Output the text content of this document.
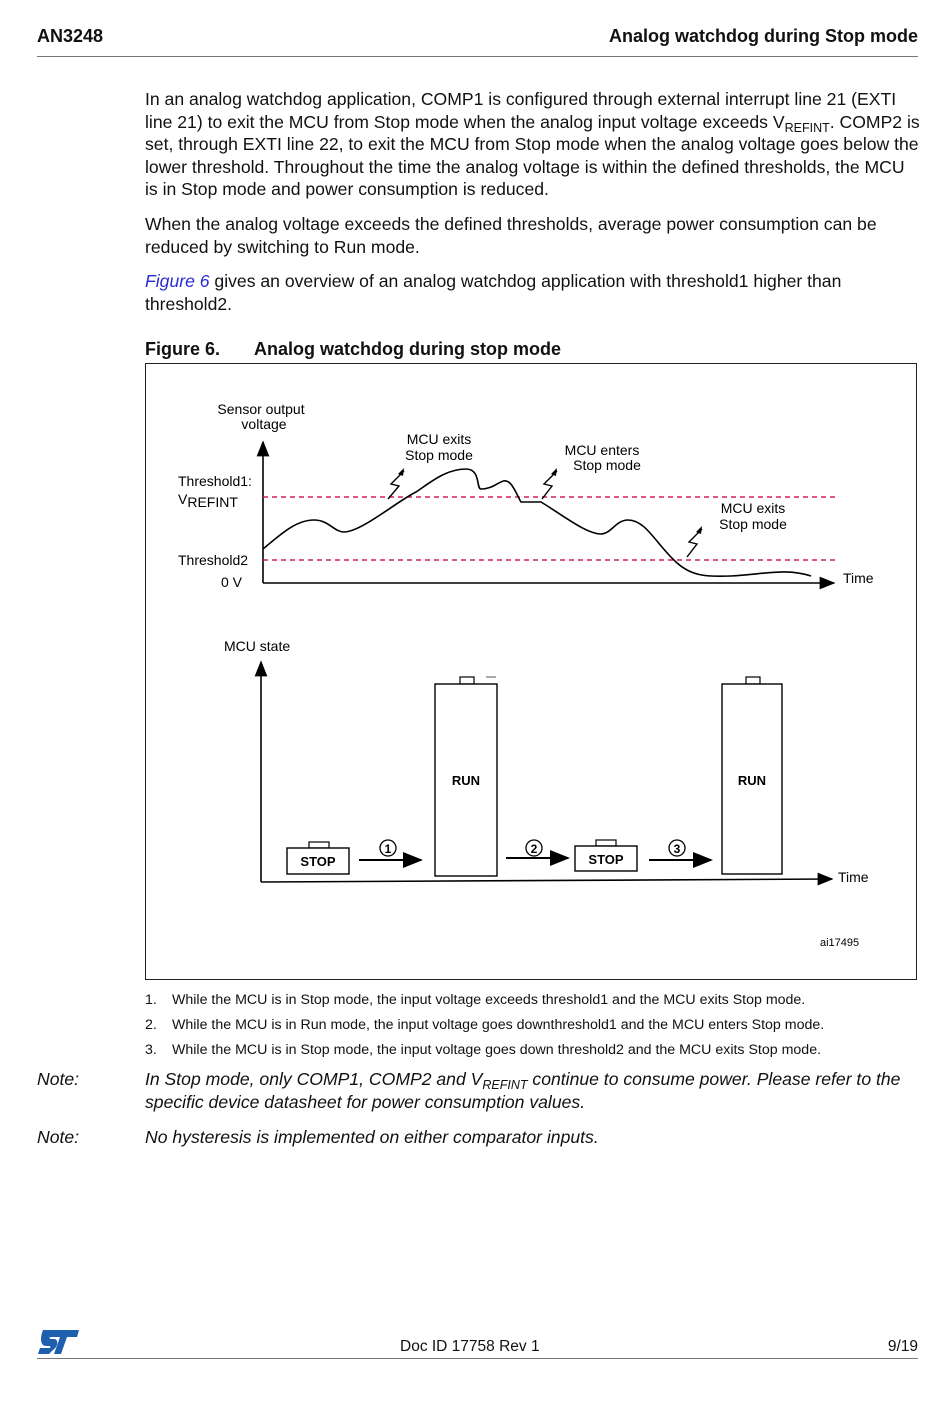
AN3248	Analog watchdog during Stop mode
In an analog watchdog application, COMP1 is configured through external interrupt line 21 (EXTI line 21) to exit the MCU from Stop mode when the analog input voltage exceeds $V_{REFINT}$. COMP2 is set, through EXTI line 22, to exit the MCU from Stop mode when the analog voltage goes below the lower threshold. Throughout the time the analog voltage is within the defined thresholds, the MCU is in Stop mode and power consumption is reduced.
When the analog voltage exceeds the defined thresholds, average power consumption can be reduced by switching to Run mode.
Figure 6 gives an overview of an analog watchdog application with threshold1 higher than threshold2.
Figure 6. Analog watchdog during stop mode
Sensor output
voltage
Time
Threshold1:
VREFINT
Threshold2
0 V
MCU exits
Stop mode	MCU enters
Stop mode
MCU exits
Stop mode
MCU state
Time
STOP
1
RUN
2
STOP
3
RUN
ai17495
1. While the MCU is in Stop mode, the input voltage exceeds threshold1 and the MCU exits Stop mode.
2. While the MCU is in Run mode, the input voltage goes downthreshold1 and the MCU enters Stop mode.
3. While the MCU is in Stop mode, the input voltage goes down threshold2 and the MCU exits Stop mode.
Note:	In Stop mode, only COMP1, COMP2 and $V_{REFINT}$ continue to consume power. Please refer to the specific device datasheet for power consumption values.
Note:	No hysteresis is implemented on either comparator inputs.
Doc ID 17758 Rev 1	9/19
